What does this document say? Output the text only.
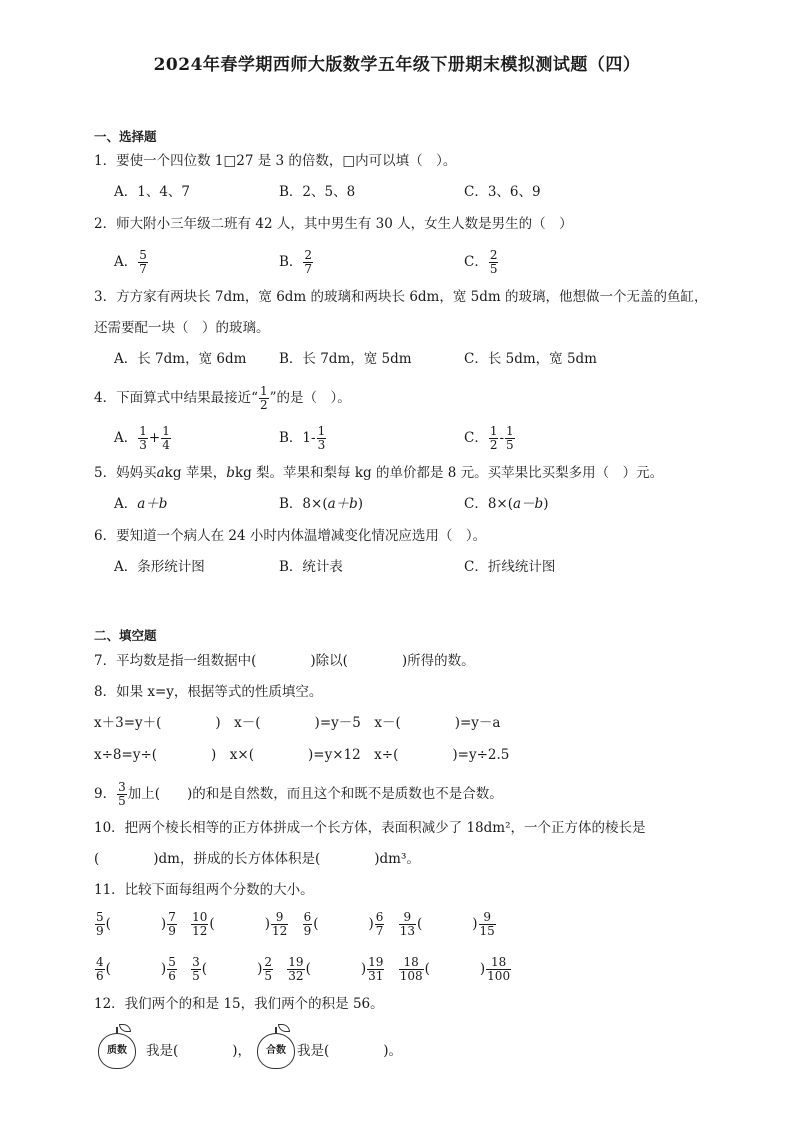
2024年春学期西师大版数学五年级下册期末模拟测试题（四）
一、选择题
1．要使一个四位数 1□27 是 3 的倍数，□内可以填（　）。
A．1、4、7	B．2、5、8	C．3、6、9
2．师大附小三年级二班有 42 人，其中男生有 30 人，女生人数是男生的（　）
A． $\frac{5}{7}$	B． $\frac{2}{7}$	C． $\frac{2}{5}$
3．方方家有两块长 7dm，宽 6dm 的玻璃和两块长 6dm，宽 5dm 的玻璃，他想做一个无盖的鱼缸，
还需要配一块（　）的玻璃。
A．长 7dm，宽 6dm B．长 7dm，宽 5dm	C．长 5dm，宽 5dm
4．下面算式中结果最接近“ $\frac{1}{2}$ ”的是（　）。
A． $\frac{1}{3} + \frac{1}{4}$	B．$1- \frac{1}{3}$	C． $\frac{1}{2} - \frac{1}{5}$
5．妈妈买akg 苹果，bkg 梨。苹果和梨每 kg 的单价都是 8 元。买苹果比买梨多用（　）元。
A．a＋b	B．8×(a＋b)	C．8×(a－b)
6．要知道一个病人在 24 小时内体温增减变化情况应选用（　）。
A．条形统计图	B．统计表	C．折线统计图
二、填空题
7．平均数是指一组数据中(　　　　)除以(　　　　)所得的数。
8．如果 x=y，根据等式的性质填空。
x＋3=y＋(　　　　)　x－(　　　　)=y－5　x－(　　　　)=y－a
x÷8=y÷(　　　　)　x×(　　　　)=y×12　x÷(　　　　)=y÷2.5
9． $\frac{3}{5}$ 加上(　　)的和是自然数，而且这个和既不是质数也不是合数。
10．把两个棱长相等的正方体拼成一个长方体，表面积减少了 18dm²，一个正方体的棱长是
(　　　　)dm，拼成的长方体体积是(　　　　)dm³。
11．比较下面每组两个分数的大小。
$\frac{5}{9}$ (	) $\frac{7}{9}$
$\frac{10}{12}$ (	) $\frac{9}{12}$
$\frac{6}{9}$ (	) $\frac{6}{7}$
$\frac{9}{13}$ (	) $\frac{9}{15}$
$\frac{4}{6}$ (	) $\frac{5}{6}$
$\frac{3}{5}$ (	) $\frac{2}{5}$
$\frac{19}{32}$ (	) $\frac{19}{31}$
$\frac{18}{108}$ (	) $\frac{18}{100}$
12．我们两个的和是 15，我们两个的积是 56。
质数	我是(　　　　)，	合数 我是(　　　　)。
